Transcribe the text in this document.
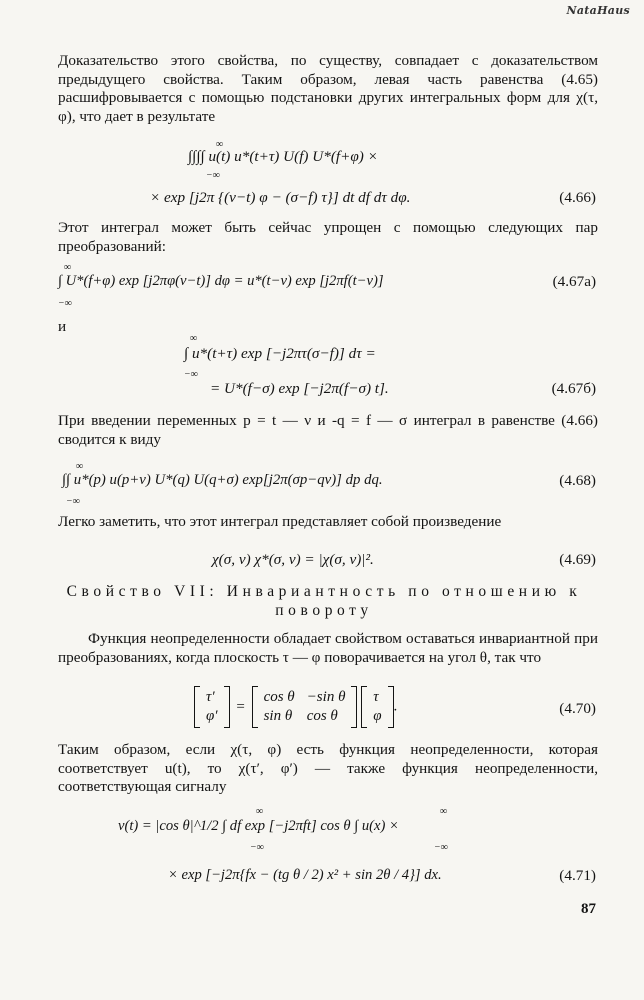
NataHaus
Доказательство этого свойства, по существу, совпадает с доказательством предыдущего свойства. Таким образом, левая часть равенства (4.65) расшифровывается с помощью подстановки других интегральных форм для χ(τ, φ), что дает в результате
∫∫∫∫ u(t) u*(t+τ) U(f) U*(f+φ) ×
∞
−∞
× exp [j2π {(ν−t) φ − (σ−f) τ}] dt df dτ dφ.	(4.66)
Этот интеграл может быть сейчас упрощен с помощью следующих пар преобразований:
∞
∫ U*(f+φ) exp [j2πφ(ν−t)] dφ = u*(t−ν) exp [j2πf(t−ν)]
−∞
(4.67a)
и
∞
∫ u*(t+τ) exp [−j2πτ(σ−f)] dτ =
−∞
= U*(f−σ) exp [−j2π(f−σ) t].	(4.67б)
При введении переменных p = t — ν и -q = f — σ интеграл в равенстве (4.66) сводится к виду
∞
∫∫ u*(p) u(p+ν) U*(q) U(q+σ) exp[j2π(σp−qν)] dp dq.
−∞
(4.68)
Легко заметить, что этот интеграл представляет собой произведение
χ(σ, ν) χ*(σ, ν) = |χ(σ, ν)|².	(4.69)
Свойство VII: Инвариантность по отношению к повороту
Функция неопределенности обладает свойством оставаться инвариантной при преобразованиях, когда плоскость τ — φ поворачивается на угол θ, так что
τ′
φ′ = cos θ	−sin θ
sin θ	cos θ τ
φ.	(4.70)
Таким образом, если χ(τ, φ) есть функция неопределенности, которая соответствует u(t), то χ(τ′, φ′) — также функция неопределенности, соответствующая сигналу
∞	∞
v(t) = |cos θ|^1/2 ∫ df exp [−j2πft] cos θ ∫ u(x) ×
−∞	−∞
× exp [−j2π{fx − (tg θ / 2) x² + sin 2θ / 4}] dx.	(4.71)
87
